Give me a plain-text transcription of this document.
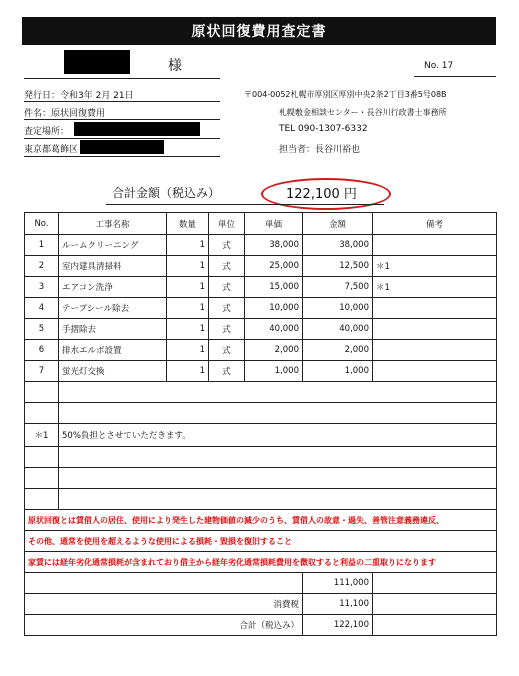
原状回復費用査定書
様	No. 17
発行日：令和3年 2月 21日
件名：原状回復費用
査定場所：
東京都葛飾区
〒004-0052札幌市厚別区厚別中央2条2丁目3番5号08B
札幌敷金相談センター・長谷川行政書士事務所
TEL 090-1307-6332
担当者：長谷川裕也
合計金額（税込み）	122,100 円
No.	工事名称	数量	単位	単価	金額	備考
1	ルームクリーニング	1	式	38,000	38,000	
2	室内建具清掃料	1	式	25,000	12,500	＊1
3	エアコン洗浄	1	式	15,000	7,500	＊1
4	テープシール除去	1	式	10,000	10,000	
5	手摺除去	1	式	40,000	40,000	
6	排水エルボ設置	1	式	2,000	2,000	
7	蛍光灯交換	1	式	1,000	1,000	

＊1	50%負担とさせていただきます。					

原状回復とは賃借人の居住、使用により発生した建物価値の減少のうち、賃借人の故意・過失、善管注意義務違反、						
その他、通常を使用を超えるような使用による損耗・毀損を復旧すること						
家賃には経年劣化通常損耗が含まれており借主から経年劣化通常損耗費用を徴収すると利益の二重取りになります						
					111,000	
消費税					11,100	
合計（税込み）					122,100	
